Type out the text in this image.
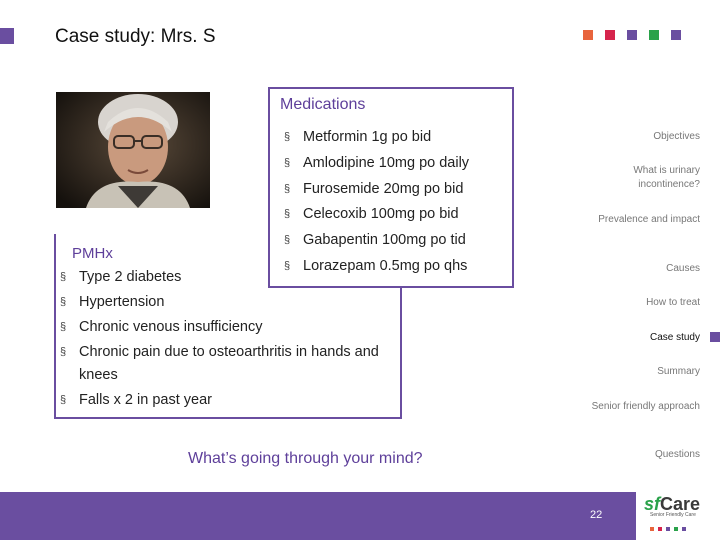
Case study: Mrs. S
PMHx
§ Type 2 diabetes
§ Hypertension
§ Chronic venous insufficiency
§ Chronic pain due to osteoarthritis in hands and knees
§ Falls x 2 in past year
Medications
§ Metformin 1g po bid
§ Amlodipine 10mg po daily
§ Furosemide 20mg po bid
§ Celecoxib 100mg po bid
§ Gabapentin 100mg po tid
§ Lorazepam 0.5mg po qhs
What’s going through your mind?
Objectives
What is urinary incontinence?
Prevalence and impact
Causes
How to treat
Case study
Summary
Senior friendly approach
Questions
22
sfCare
Senior Friendly Care
